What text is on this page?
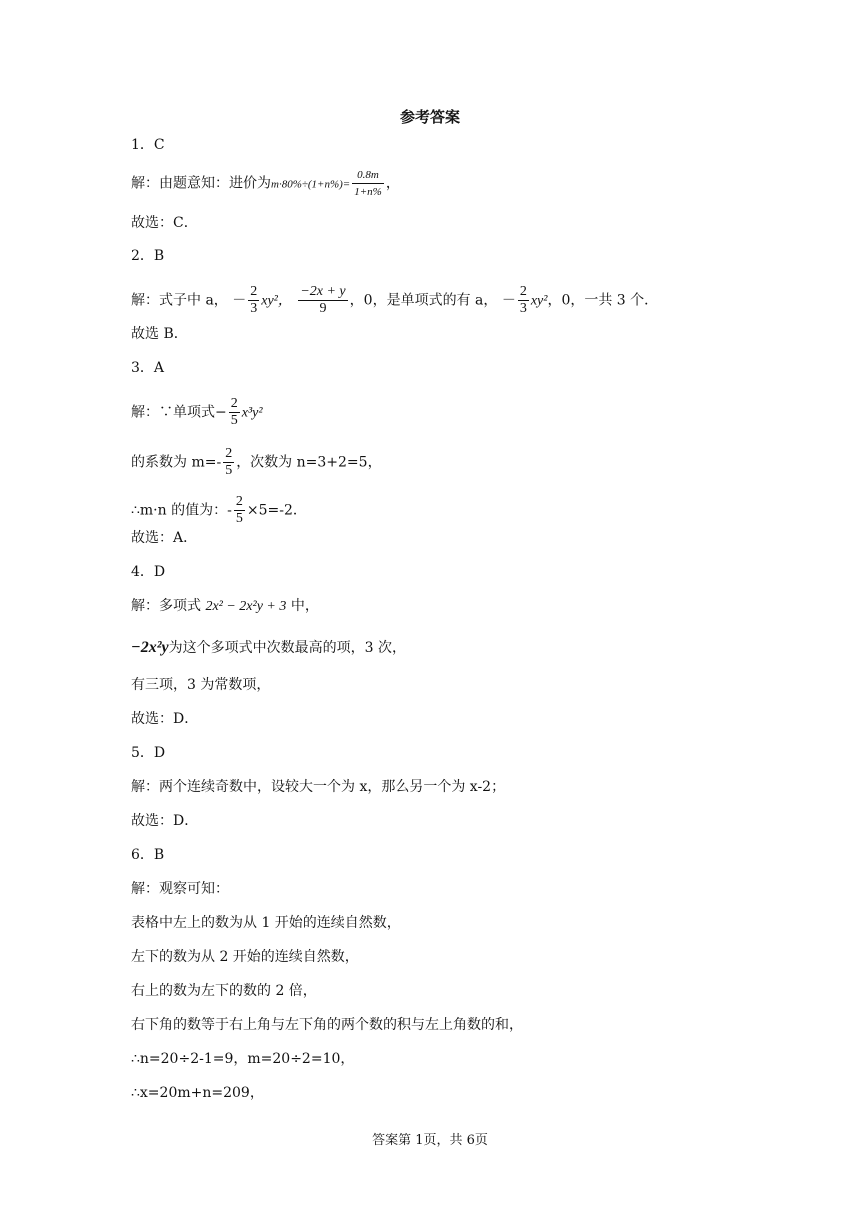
参考答案
1．C
解：由题意知：进价为$m\cdot 80\%\div(1+n\%)= \frac{0.8m}{1+n\%}$ ，
故选：C．
2．B
解：式子中 a， － $\frac{2}{3} xy^2$， $\frac{-2x + y}{9}$ ，0，是单项式的有 a， － $\frac{2}{3} xy^2$，0，一共 3 个．
故选 B．
3．A
解：∵单项式− $\frac{2}{5} x^3y^2$
的系数为 $m=- \frac{2}{5}$ ，次数为 n=3+2=5，
∴m·n 的值为：- $\frac{2}{5} \times 5=-2$．
故选：A．
4．D
解：多项式 2x² − 2x²y + 3 中，
−2x²y为这个多项式中次数最高的项，3 次，
有三项，3 为常数项，
故选：D．
5．D
解：两个连续奇数中，设较大一个为 x，那么另一个为 x-2；
故选：D．
6．B
解：观察可知：
表格中左上的数为从 1 开始的连续自然数，
左下的数为从 2 开始的连续自然数，
右上的数为左下的数的 2 倍，
右下角的数等于右上角与左下角的两个数的积与左上角数的和，
∴n=20÷2-1=9，m=20÷2=10，
∴x=20m+n=209，
答案第 1页，共 6页
